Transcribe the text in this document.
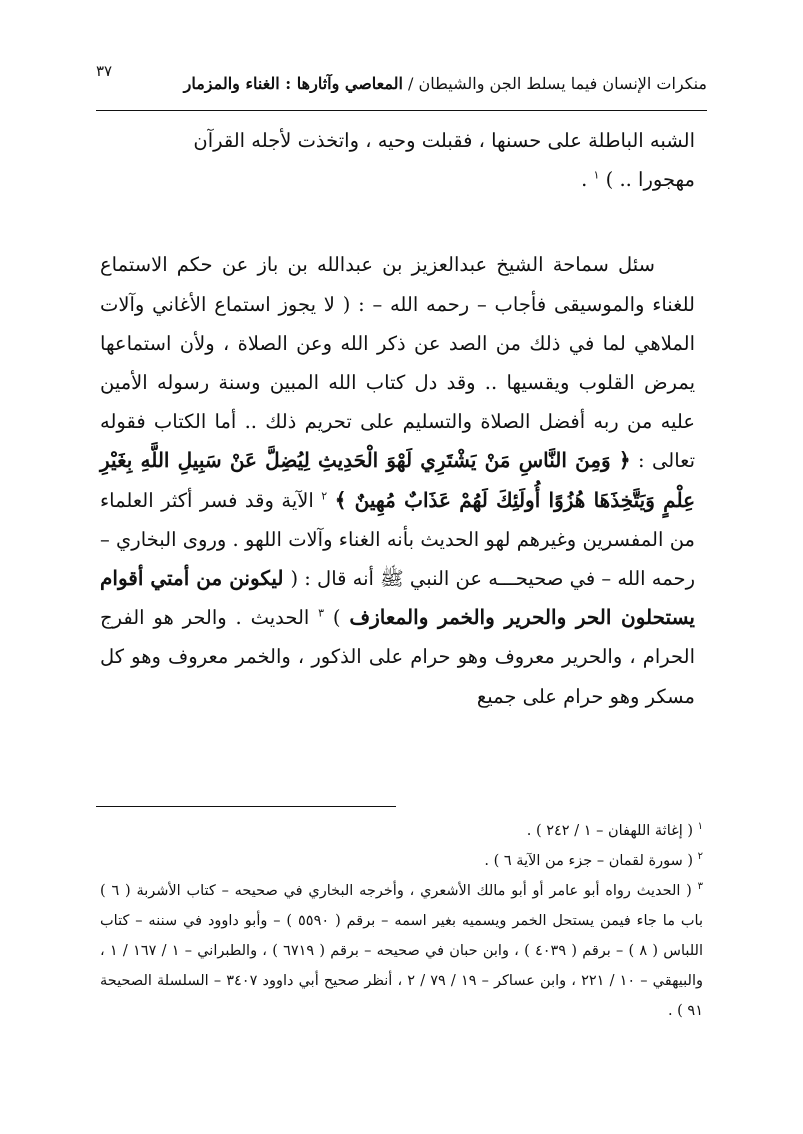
٣٧
منكرات الإنسان فيما يسلط الجن والشيطان / المعاصي وآثارها : الغناء والمزمار

الشبه الباطلة على حسنها ، فقبلت وحيه ، واتخذت لأجله القرآن
مهجورا .. ) $^١$ .

سئل سماحة الشيخ عبدالعزيز بن عبدالله بن باز عن حكم الاستماع للغناء والموسيقى فأجاب – رحمه الله – : ( لا يجوز استماع الأغاني وآلات الملاهي لما في ذلك من الصد عن ذكر الله وعن الصلاة ، ولأن استماعها يمرض القلوب ويقسيها .. وقد دل كتاب الله المبين وسنة رسوله الأمين عليه من ربه أفضل الصلاة والتسليم على تحريم ذلك .. أما الكتاب فقوله تعالى : ﴿ وَمِنَ النَّاسِ مَنْ يَشْتَرِي لَهْوَ الْحَدِيثِ لِيُضِلَّ عَنْ سَبِيلِ اللَّهِ بِغَيْرِ عِلْمٍ وَيَتَّخِذَهَا هُزُوًا أُولَئِكَ لَهُمْ عَذَابٌ مُهِينٌ ﴾ $^٢$ الآية وقد فسر أكثر العلماء من المفسرين وغيرهم لهو الحديث بأنه الغناء وآلات اللهو . وروى البخاري – رحمه الله – في صحيحـــه عن النبي ﷺ أنه قال : ( ليكونن من أمتي أقوام يستحلون الحر والحرير والخمر والمعازف ) $^٣$ الحديث . والحر هو الفرج الحرام ، والحرير معروف وهو حرام على الذكور ، والخمر معروف وهو كل مسكر وهو حرام على جميع

$^١$ ( إغاثة اللهفان – ١ / ٢٤٢ ) .

$^٢$ ( سورة لقمان – جزء من الآية ٦ ) .

$^٣$ ( الحديث رواه أبو عامر أو أبو مالك الأشعري ، وأخرجه البخاري في صحيحه – كتاب الأشربة ( ٦ ) باب ما جاء فيمن يستحل الخمر ويسميه بغير اسمه – برقم ( ٥٥٩٠ ) – وأبو داوود في سننه – كتاب اللباس ( ٨ ) – برقم ( ٤٠٣٩ ) ، وابن حبان في صحيحه – برقم ( ٦٧١٩ ) ، والطبراني – ١ / ١٦٧ / ١ ، والبيهقي – ١٠ / ٢٢١ ، وابن عساكر – ١٩ / ٧٩ / ٢ ، أنظر صحيح أبي داوود ٣٤٠٧ – السلسلة الصحيحة ٩١ ) .
